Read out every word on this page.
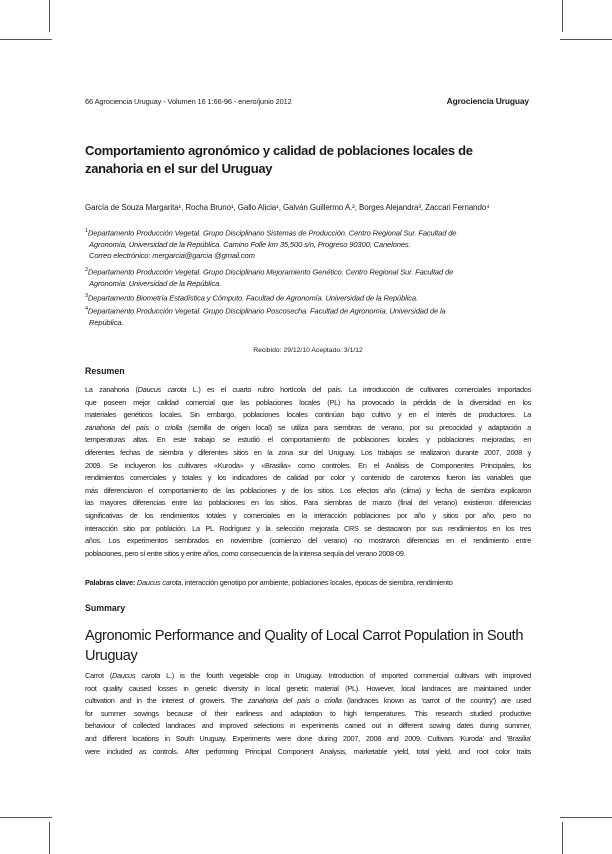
66 Agrociencia Uruguay - Volumen 16 1:66-96 - enero/junio 2012	Agrociencia Uruguay
Comportamiento agronómico y calidad de poblaciones locales de zanahoria en el sur del Uruguay
García de Souza Margarita¹, Rocha Bruno¹, Gallo Alicia¹, Galván Guillermo A.², Borges Alejandra³, Zaccari Fernando⁴
$^1$Departamento Producción Vegetal. Grupo Disciplinario Sistemas de Producción. Centro Regional Sur. Facultad de
Agronomía, Universidad de la República. Camino Folle km 35,500 s/n, Progreso 90300, Canelones.
Correo electrónico: mergarcia@garcia @gmail.com
$^2$Departamento Producción Vegetal. Grupo Disciplinario Mejoramiento Genético. Centro Regional Sur. Facultad de
Agronomía. Universidad de la República.
$^3$Departamento Biometría Estadística y Cómputo. Facultad de Agronomía. Universidad de la República.
$^4$Departamento Producción Vegetal. Grupo Disciplinario Poscosecha. Facultad de Agronomía. Universidad de la
República.
Recibido: 29/12/10 Aceptado: 3/1/12
Resumen
La zanahoria (Daucus carota L.) es el cuarto rubro hortícola del país. La introducción de cultivares comerciales importados
que poseen mejor calidad comercial que las poblaciones locales (PL) ha provocado la pérdida de la diversidad en los
materiales genéticos locales. Sin embargo, poblaciones locales continúan bajo cultivo y en el interés de productores. La
zanahoria del país o criolla (semilla de origen local) se utiliza para siembras de verano, por su precocidad y adaptación a
temperaturas altas. En este trabajo se estudió el comportamiento de poblaciones locales y poblaciones mejoradas, en
diferentes fechas de siembra y diferentes sitios en la zona sur del Uruguay. Los trabajos se realizaron durante 2007, 2008 y
2009. Se incluyeron los cultivares «Kuroda» y «Brasilia» como controles. En el Análisis de Componentes Principales, los
rendimientos comerciales y totales y los indicadores de calidad por color y contenido de carotenos fueron las variables que
más diferenciaron el comportamiento de las poblaciones y de los sitios. Los efectos año (clima) y fecha de siembra explicaron
las mayores diferencias entre las poblaciones en los sitios. Para siembras de marzo (final del verano) existieron diferencias
significativas de los rendimientos totales y comerciales en la interacción poblaciones por año y sitios por año, pero no
interacción sitio por población. La PL Rodríguez y la selección mejorada CRS se destacaron por sus rendimientos en los tres
años. Los experimentos sembrados en noviembre (comienzo del verano) no mostraron diferencias en el rendimiento entre
poblaciones, pero sí entre sitios y entre años, como consecuencia de la intensa sequía del verano 2008-09.
Palabras clave: Daucus carota, interacción genotipo por ambiente, poblaciones locales, épocas de siembra, rendimiento
Summary
Agronomic Performance and Quality of Local Carrot Population in South Uruguay
Carrot (Daucus carota L.) is the fourth vegetable crop in Uruguay. Introduction of imported commercial cultivars with improved
root quality caused losses in genetic diversity in local genetic material (PL). However, local landraces are maintained under
cultivation and in the interest of growers. The zanahoria del país o criolla (landraces known as 'carrot of the country') are used
for summer sowings because of their earliness and adaptation to high temperatures. This research studied productive
behaviour of collected landraces and improved selections in experiments carried out in different sowing dates during summer,
and different locations in South Uruguay. Experiments were done during 2007, 2008 and 2009. Cultivars 'Kuroda' and 'Brasilia'
were included as controls. After performing Principal Component Analysis, marketable yield, total yield, and root color traits
